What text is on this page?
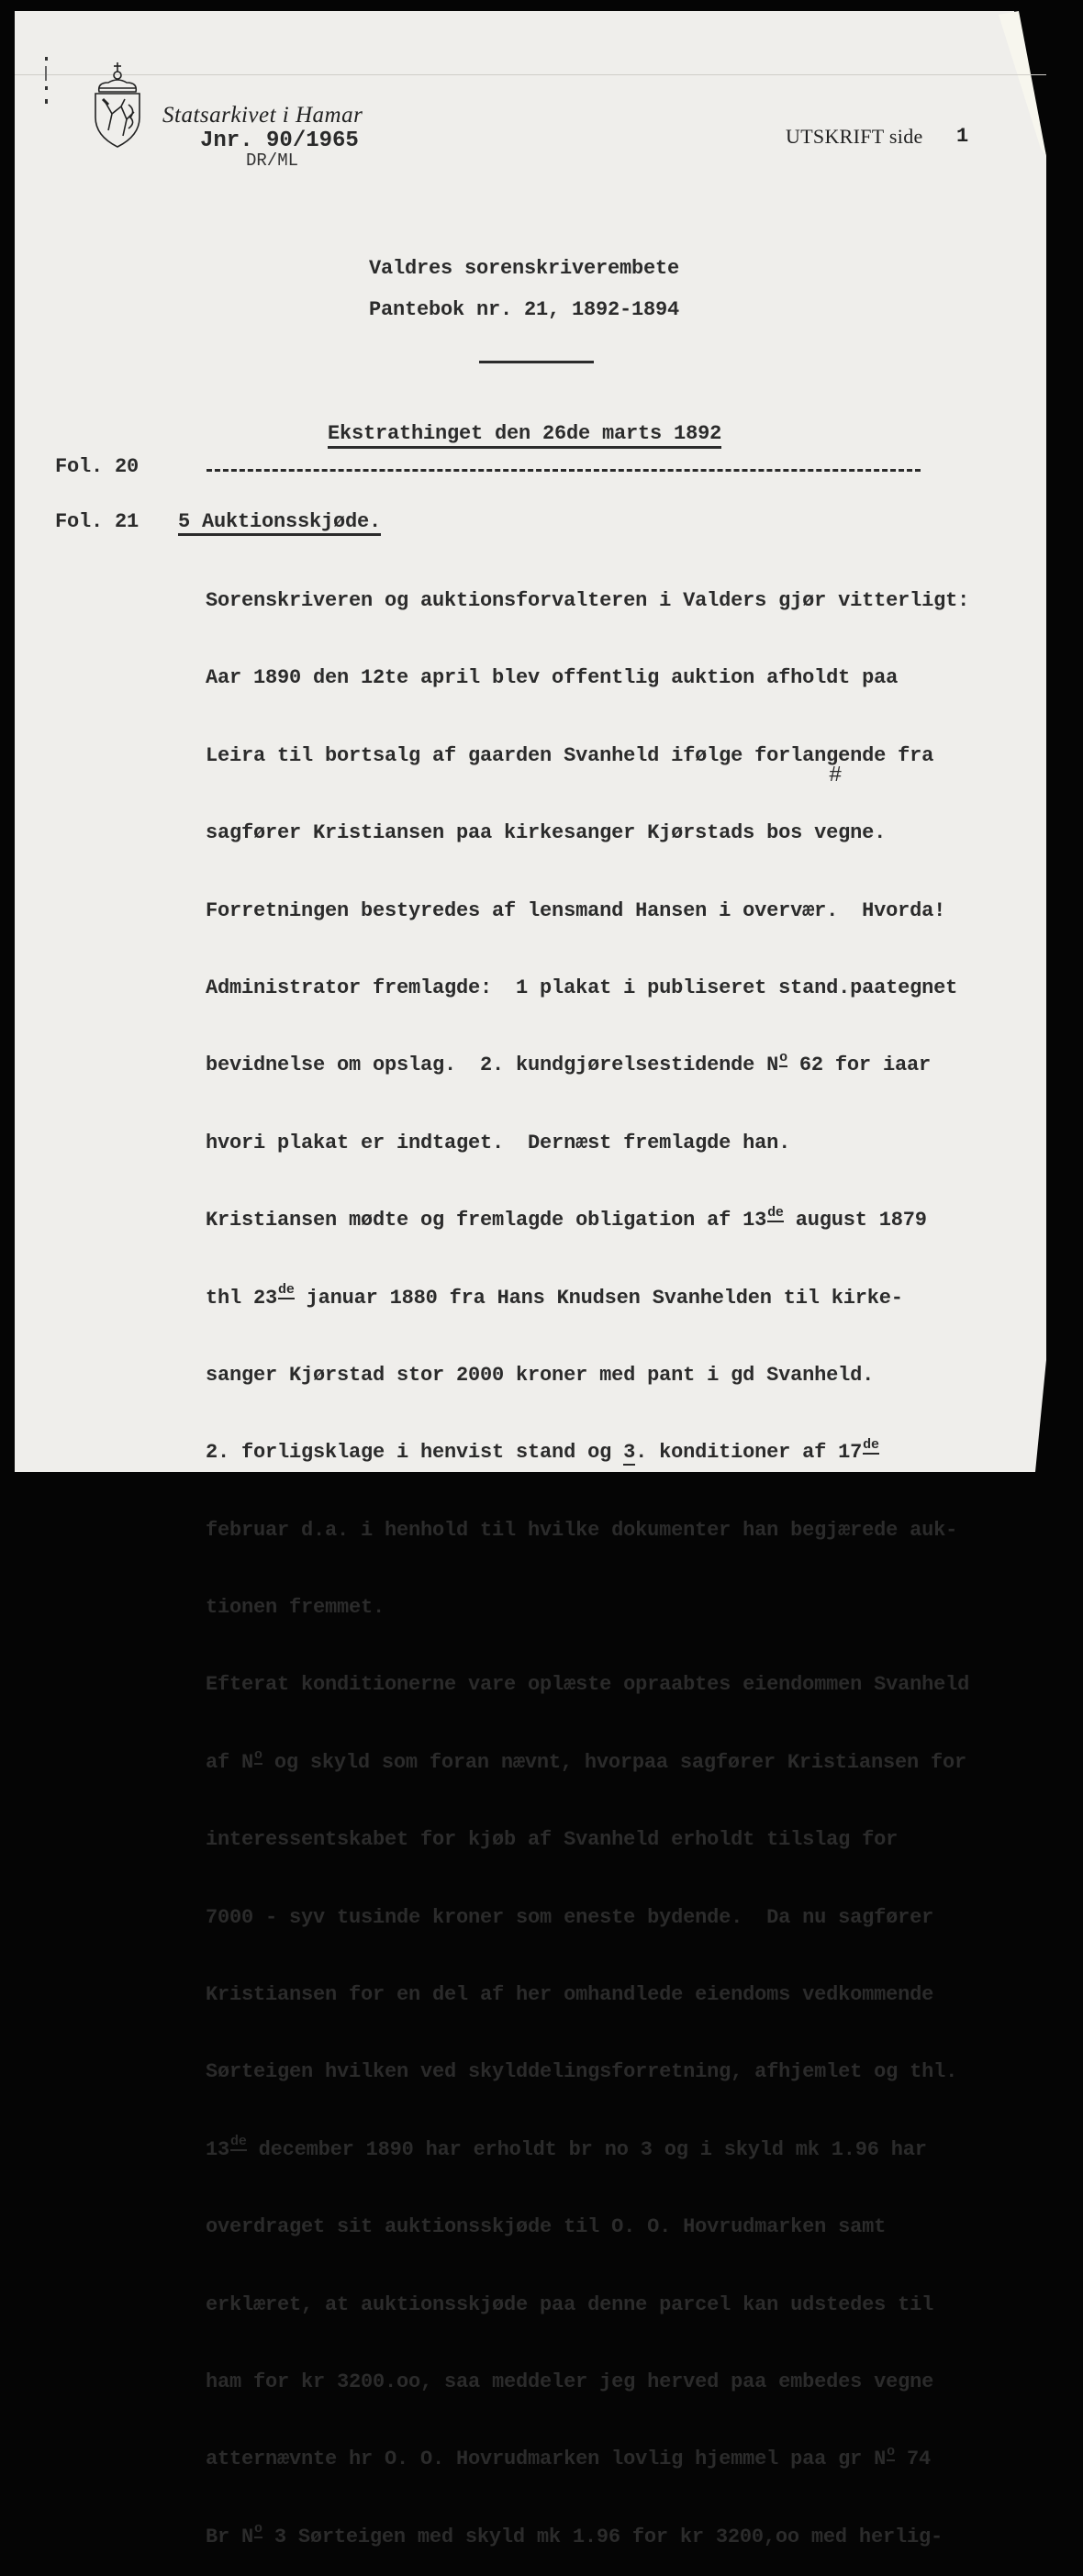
Statsarkivet i Hamar
Jnr. 90/1965
DR/ML
UTSKRIFT side 1
Valdres sorenskriverembete
Pantebok nr. 21, 1892-1894
Ekstrathinget den 26de marts 1892
Fol. 20
Fol. 21 5 Auktionsskjøde.
#

Sorenskriveren og auktionsforvalteren i Valders gjør vitterligt:

Aar 1890 den 12te april blev offentlig auktion afholdt paa

Leira til bortsalg af gaarden Svanheld ifølge forlangende fra

sagfører Kristiansen paa kirkesanger Kjørstads bos vegne.

Forretningen bestyredes af lensmand Hansen i overvær.  Hvorda!

Administrator fremlagde:  1 plakat i publiseret stand.paategnet

bevidnelse om opslag.  2. kundgjørelsestidende $N^o$ 62 for iaar

hvori plakat er indtaget.  Dernæst fremlagde han.

Kristiansen mødte og fremlagde obligation af 13de august 1879

thl 23de januar 1880 fra Hans Knudsen Svanhelden til kirke-

sanger Kjørstad stor 2000 kroner med pant i gd Svanheld.

2. forligsklage i henvist stand og 3. konditioner af 17de

februar d.a. i henhold til hvilke dokumenter han begjærede auk-

tionen fremmet.

Efterat konditionerne vare oplæste opraabtes eiendommen Svanheld

af $N^o$ og skyld som foran nævnt, hvorpaa sagfører Kristiansen for

interessentskabet for kjøb af Svanheld erholdt tilslag for

7000 - syv tusinde kroner som eneste bydende.  Da nu sagfører

Kristiansen for en del af her omhandlede eiendoms vedkommende

Sørteigen hvilken ved skylddelingsforretning, afhjemlet og thl.

13de december 1890 har erholdt br no 3 og i skyld mk 1.96 har

overdraget sit auktionsskjøde til O. O. Hovrudmarken samt

erklæret, at auktionsskjøde paa denne parcel kan udstedes til

ham for kr 3200.oo, saa meddeler jeg herved paa embedes vegne

atternævnte hr O. O. Hovrudmarken lovlig hjemmel paa gr $N^o$ 74

Br $N^o$ 3 Sørteigen med skyld mk 1.96 for kr 3200,oo med herlig-
